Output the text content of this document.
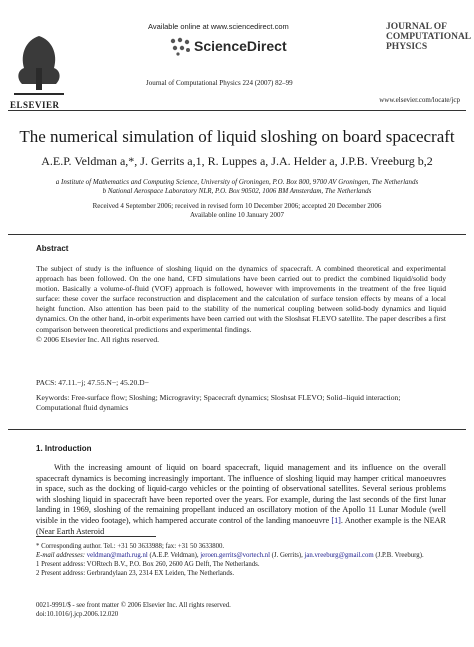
ELSEVIER
Available online at www.sciencedirect.com
ScienceDirect
Journal of Computational Physics 224 (2007) 82–99
JOURNAL OF COMPUTATIONAL PHYSICS
www.elsevier.com/locate/jcp
The numerical simulation of liquid sloshing on board spacecraft
A.E.P. Veldman a,*, J. Gerrits a,1, R. Luppes a, J.A. Helder a, J.P.B. Vreeburg b,2
a Institute of Mathematics and Computing Science, University of Groningen, P.O. Box 800, 9700 AV Groningen, The Netherlands
b National Aerospace Laboratory NLR, P.O. Box 90502, 1006 BM Amsterdam, The Netherlands
Received 4 September 2006; received in revised form 10 December 2006; accepted 20 December 2006
Available online 10 January 2007
Abstract
The subject of study is the influence of sloshing liquid on the dynamics of spacecraft. A combined theoretical and experimental approach has been followed. On the one hand, CFD simulations have been carried out to predict the combined liquid/solid body motion. Basically a volume-of-fluid (VOF) approach is followed, however with improvements in the treatment of the free liquid surface: these cover the surface reconstruction and displacement and the calculation of surface tension effects by means of a local height function. Also attention has been paid to the stability of the numerical coupling between solid-body dynamics and liquid dynamics. On the other hand, in-orbit experiments have been carried out with the Sloshsat FLEVO satellite. The paper describes a first comparison between theoretical predictions and experimental findings.
© 2006 Elsevier Inc. All rights reserved.
PACS: 47.11.−j; 47.55.N−; 45.20.D−
Keywords: Free-surface flow; Sloshing; Microgravity; Spacecraft dynamics; Sloshsat FLEVO; Solid–liquid interaction; Computational fluid dynamics
1. Introduction
With the increasing amount of liquid on board spacecraft, liquid management and its influence on the overall spacecraft dynamics is becoming increasingly important. The influence of sloshing liquid may hamper critical manoeuvres in space, such as the docking of liquid-cargo vehicles or the pointing of observational satellites. Several serious problems with sloshing liquid in spacecraft have been reported over the years. For example, during the last seconds of the first lunar landing in 1969, sloshing of the remaining propellant induced an oscillatory motion of the Apollo 11 Lunar Module (well visible in the video footage), which hampered accurate control of the landing manoeuvre [1]. Another example is the NEAR (Near Earth Asteroid

* Corresponding author. Tel.: +31 50 3633988; fax: +31 50 3633800.

E-mail addresses: veldman@math.rug.nl (A.E.P. Veldman), jeroen.gerrits@vortech.nl (J. Gerrits), jan.vreeburg@gmail.com (J.P.B. Vreeburg).

1 Present address: VORtech B.V., P.O. Box 260, 2600 AG Delft, The Netherlands.

2 Present address: Gerbrandylaan 23, 2314 EX Leiden, The Netherlands.

0021-9991/$ - see front matter © 2006 Elsevier Inc. All rights reserved.
doi:10.1016/j.jcp.2006.12.020
